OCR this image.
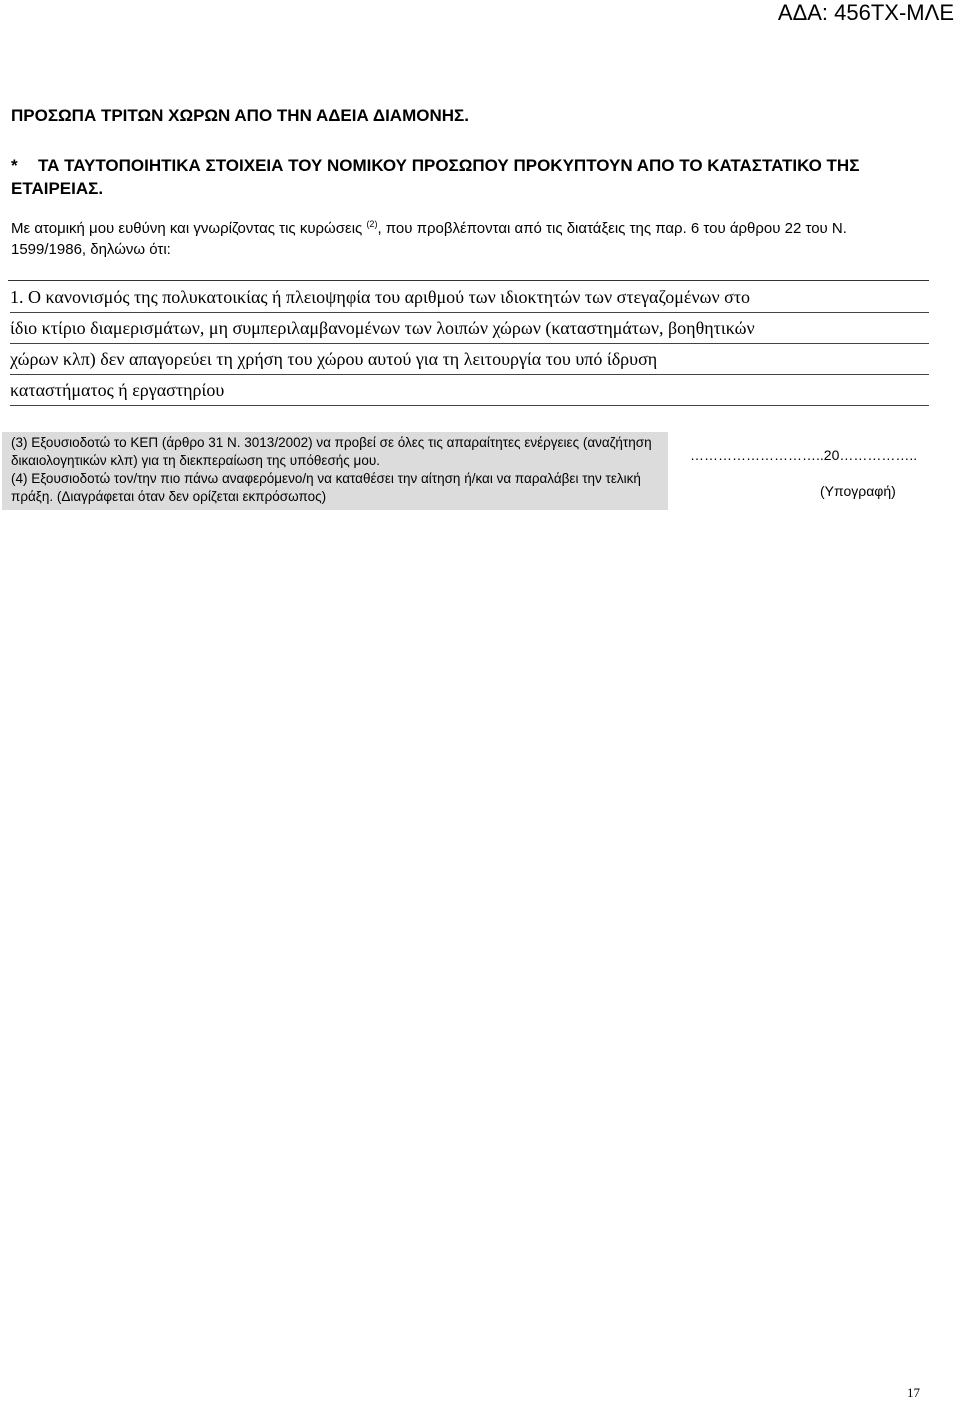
ΑΔΑ: 456ΤΧ-ΜΛΕ
ΠΡΟΣΩΠΑ ΤΡΙΤΩΝ ΧΩΡΩΝ ΑΠΟ ΤΗΝ ΑΔΕΙΑ ΔΙΑΜΟΝΗΣ.
* ΤΑ ΤΑΥΤΟΠΟΙΗΤΙΚΑ ΣΤΟΙΧΕΙΑ ΤΟΥ ΝΟΜΙΚΟΥ ΠΡΟΣΩΠΟΥ ΠΡΟΚΥΠΤΟΥΝ ΑΠΟ ΤΟ ΚΑΤΑΣΤΑΤΙΚΟ ΤΗΣ ΕΤΑΙΡΕΙΑΣ.
Με ατομική μου ευθύνη και γνωρίζοντας τις κυρώσεις $^{(2)}$, που προβλέπονται από τις διατάξεις της παρ. 6 του άρθρου 22 του Ν. 1599/1986, δηλώνω ότι:
1. Ο κανονισμός της πολυκατοικίας ή πλειοψηφία του αριθμού των ιδιοκτητών των στεγαζομένων στο
ίδιο κτίριο διαμερισμάτων, μη συμπεριλαμβανομένων των λοιπών χώρων (καταστημάτων, βοηθητικών
χώρων κλπ) δεν απαγορεύει τη χρήση του χώρου αυτού για τη λειτουργία του υπό ίδρυση
καταστήματος ή εργαστηρίου

(3) Εξουσιοδοτώ το ΚΕΠ (άρθρο 31 Ν. 3013/2002) να προβεί σε όλες τις απαραίτητες ενέργειες (αναζήτηση δικαιολογητικών κλπ) για τη διεκπεραίωση της υπόθεσής μου.

(4) Εξουσιοδοτώ τον/την πιο πάνω αναφερόμενο/η να καταθέσει την αίτηση ή/και να παραλάβει την τελική πράξη. (Διαγράφεται όταν δεν ορίζεται εκπρόσωπος)

………………………..20……………..
(Υπογραφή)
17
